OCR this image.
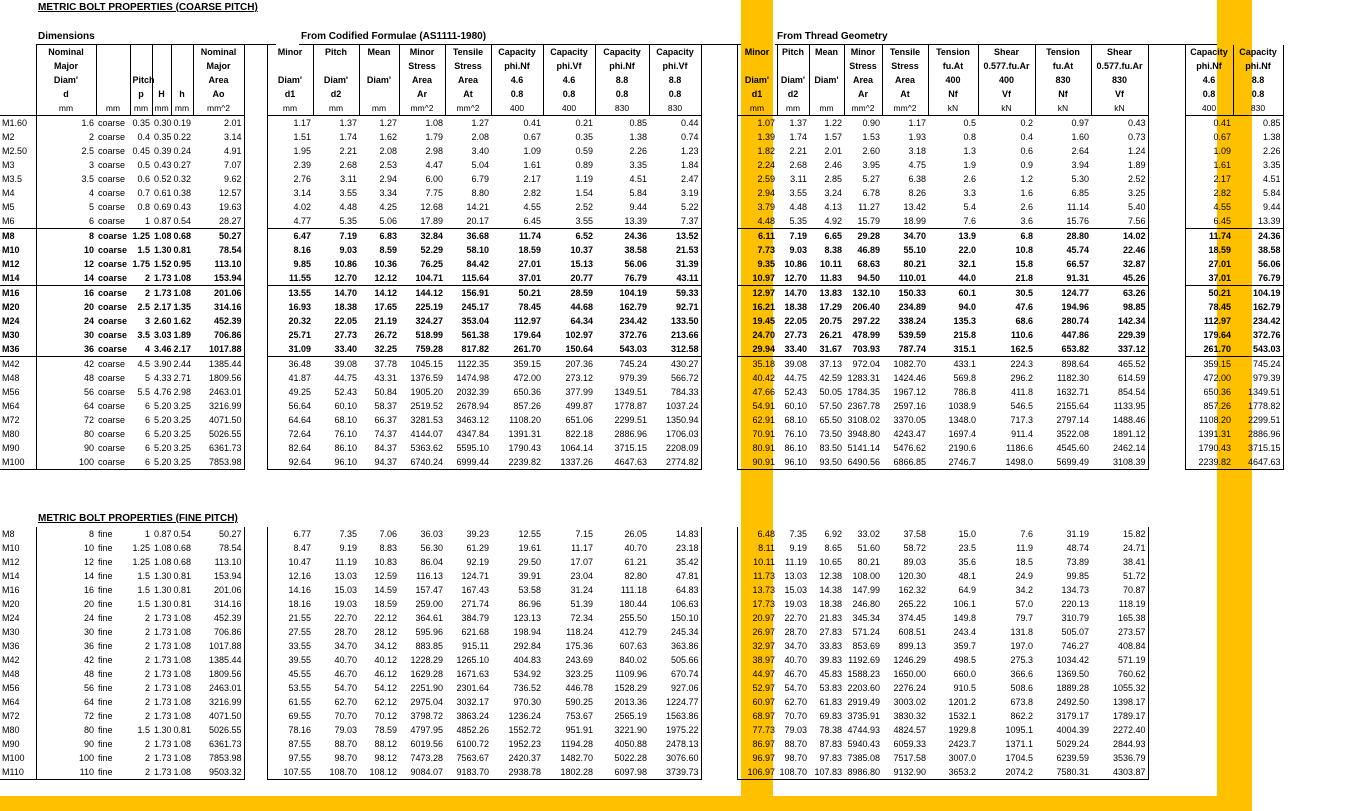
METRIC BOLT PROPERTIES (COARSE PITCH)
METRIC BOLT PROPERTIES (FINE PITCH)
Dimensions	From Codified Formulae (AS1111-1980)	From Thread Geometry
	Nominal					Nominal		Minor	Pitch	Mean	Minor	Tensile	Capacity	Capacity	Capacity	Capacity		Minor	Pitch	Mean	Minor	Tensile	Tension	Shear	Tension	Shear		Capacity	Capacity
	Major					Major					Stress	Stress	phi.Nf	phi.Vf	phi.Nf	phi.Vf					Stress	Stress	fu.At	0.577.fu.Ar	fu.At	0.577.fu.Ar		phi.Nf	phi.Nf
	Diam'		Pitch			Area		Diam'	Diam'	Diam'	Area	Area	4.6	4.6	8.8	8.8		Diam'	Diam'	Diam'	Area	Area	400	400	830	830		4.6	8.8
	d		p	H	h	Ao		d1	d2		Ar	At	0.8	0.8	0.8	0.8		d1	d2		Ar	At	Nf	Vf	Nf	Vf		0.8	0.8
	mm	mm	mm	mm	mm	mm^2		mm	mm	mm	mm^2	mm^2	400	400	830	830		mm	mm	mm	mm^2	mm^2	kN	kN	kN	kN		400	830
M1.60	1.6	coarse	0.35	0.30	0.19	2.01		1.17	1.37	1.27	1.08	1.27	0.41	0.21	0.85	0.44		1.07	1.37	1.22	0.90	1.17	0.5	0.2	0.97	0.43		0.41	0.85
M2	2	coarse	0.4	0.35	0.22	3.14		1.51	1.74	1.62	1.79	2.08	0.67	0.35	1.38	0.74		1.39	1.74	1.57	1.53	1.93	0.8	0.4	1.60	0.73		0.67	1.38
M2.50	2.5	coarse	0.45	0.39	0.24	4.91		1.95	2.21	2.08	2.98	3.40	1.09	0.59	2.26	1.23		1.82	2.21	2.01	2.60	3.18	1.3	0.6	2.64	1.24		1.09	2.26
M3	3	coarse	0.5	0.43	0.27	7.07		2.39	2.68	2.53	4.47	5.04	1.61	0.89	3.35	1.84		2.24	2.68	2.46	3.95	4.75	1.9	0.9	3.94	1.89		1.61	3.35
M3.5	3.5	coarse	0.6	0.52	0.32	9.62		2.76	3.11	2.94	6.00	6.79	2.17	1.19	4.51	2.47		2.59	3.11	2.85	5.27	6.38	2.6	1.2	5.30	2.52		2.17	4.51
M4	4	coarse	0.7	0.61	0.38	12.57		3.14	3.55	3.34	7.75	8.80	2.82	1.54	5.84	3.19		2.94	3.55	3.24	6.78	8.26	3.3	1.6	6.85	3.25		2.82	5.84
M5	5	coarse	0.8	0.69	0.43	19.63		4.02	4.48	4.25	12.68	14.21	4.55	2.52	9.44	5.22		3.79	4.48	4.13	11.27	13.42	5.4	2.6	11.14	5.40		4.55	9.44
M6	6	coarse	1	0.87	0.54	28.27		4.77	5.35	5.06	17.89	20.17	6.45	3.55	13.39	7.37		4.48	5.35	4.92	15.79	18.99	7.6	3.6	15.76	7.56		6.45	13.39
M8	8	coarse	1.25	1.08	0.68	50.27		6.47	7.19	6.83	32.84	36.68	11.74	6.52	24.36	13.52		6.11	7.19	6.65	29.28	34.70	13.9	6.8	28.80	14.02		11.74	24.36
M10	10	coarse	1.5	1.30	0.81	78.54		8.16	9.03	8.59	52.29	58.10	18.59	10.37	38.58	21.53		7.73	9.03	8.38	46.89	55.10	22.0	10.8	45.74	22.46		18.59	38.58
M12	12	coarse	1.75	1.52	0.95	113.10		9.85	10.86	10.36	76.25	84.42	27.01	15.13	56.06	31.39		9.35	10.86	10.11	68.63	80.21	32.1	15.8	66.57	32.87		27.01	56.06
M14	14	coarse	2	1.73	1.08	153.94		11.55	12.70	12.12	104.71	115.64	37.01	20.77	76.79	43.11		10.97	12.70	11.83	94.50	110.01	44.0	21.8	91.31	45.26		37.01	76.79
M16	16	coarse	2	1.73	1.08	201.06		13.55	14.70	14.12	144.12	156.91	50.21	28.59	104.19	59.33		12.97	14.70	13.83	132.10	150.33	60.1	30.5	124.77	63.26		50.21	104.19
M20	20	coarse	2.5	2.17	1.35	314.16		16.93	18.38	17.65	225.19	245.17	78.45	44.68	162.79	92.71		16.21	18.38	17.29	206.40	234.89	94.0	47.6	194.96	98.85		78.45	162.79
M24	24	coarse	3	2.60	1.62	452.39		20.32	22.05	21.19	324.27	353.04	112.97	64.34	234.42	133.50		19.45	22.05	20.75	297.22	338.24	135.3	68.6	280.74	142.34		112.97	234.42
M30	30	coarse	3.5	3.03	1.89	706.86		25.71	27.73	26.72	518.99	561.38	179.64	102.97	372.76	213.66		24.70	27.73	26.21	478.99	539.59	215.8	110.6	447.86	229.39		179.64	372.76
M36	36	coarse	4	3.46	2.17	1017.88		31.09	33.40	32.25	759.28	817.82	261.70	150.64	543.03	312.58		29.94	33.40	31.67	703.93	787.74	315.1	162.5	653.82	337.12		261.70	543.03
M42	42	coarse	4.5	3.90	2.44	1385.44		36.48	39.08	37.78	1045.15	1122.35	359.15	207.36	745.24	430.27		35.18	39.08	37.13	972.04	1082.70	433.1	224.3	898.64	465.52		359.15	745.24
M48	48	coarse	5	4.33	2.71	1809.56		41.87	44.75	43.31	1376.59	1474.98	472.00	273.12	979.39	566.72		40.42	44.75	42.59	1283.31	1424.46	569.8	296.2	1182.30	614.59		472.00	979.39
M56	56	coarse	5.5	4.76	2.98	2463.01		49.25	52.43	50.84	1905.20	2032.39	650.36	377.99	1349.51	784.33		47.66	52.43	50.05	1784.35	1967.12	786.8	411.8	1632.71	854.54		650.36	1349.51
M64	64	coarse	6	5.20	3.25	3216.99		56.64	60.10	58.37	2519.52	2678.94	857.26	499.87	1778.87	1037.24		54.91	60.10	57.50	2367.78	2597.16	1038.9	546.5	2155.64	1133.95		857.26	1778.82
M72	72	coarse	6	5.20	3.25	4071.50		64.64	68.10	66.37	3281.53	3463.12	1108.20	651.06	2299.51	1350.94		62.91	68.10	65.50	3108.02	3370.05	1348.0	717.3	2797.14	1488.46		1108.20	2299.51
M80	80	coarse	6	5.20	3.25	5026.55		72.64	76.10	74.37	4144.07	4347.84	1391.31	822.18	2886.96	1706.03		70.91	76.10	73.50	3948.80	4243.47	1697.4	911.4	3522.08	1891.12		1391.31	2886.96
M90	90	coarse	6	5.20	3.25	6361.73		82.64	86.10	84.37	5363.62	5595.10	1790.43	1064.14	3715.15	2208.09		80.91	86.10	83.50	5141.14	5476.62	2190.6	1186.6	4545.60	2462.14		1790.43	3715.15
M100	100	coarse	6	5.20	3.25	7853.98		92.64	96.10	94.37	6740.24	6999.44	2239.82	1337.26	4647.63	2774.82		90.91	96.10	93.50	6490.56	6866.85	2746.7	1498.0	5699.49	3108.39		2239.82	4647.63
M8	8	fine	1	0.87	0.54	50.27		6.77	7.35	7.06	36.03	39.23	12.55	7.15	26.05	14.83		6.48	7.35	6.92	33.02	37.58	15.0	7.6	31.19	15.82			
M10	10	fine	1.25	1.08	0.68	78.54		8.47	9.19	8.83	56.30	61.29	19.61	11.17	40.70	23.18		8.11	9.19	8.65	51.60	58.72	23.5	11.9	48.74	24.71			
M12	12	fine	1.25	1.08	0.68	113.10		10.47	11.19	10.83	86.04	92.19	29.50	17.07	61.21	35.42		10.11	11.19	10.65	80.21	89.03	35.6	18.5	73.89	38.41			
M14	14	fine	1.5	1.30	0.81	153.94		12.16	13.03	12.59	116.13	124.71	39.91	23.04	82.80	47.81		11.73	13.03	12.38	108.00	120.30	48.1	24.9	99.85	51.72			
M16	16	fine	1.5	1.30	0.81	201.06		14.16	15.03	14.59	157.47	167.43	53.58	31.24	111.18	64.83		13.73	15.03	14.38	147.99	162.32	64.9	34.2	134.73	70.87			
M20	20	fine	1.5	1.30	0.81	314.16		18.16	19.03	18.59	259.00	271.74	86.96	51.39	180.44	106.63		17.73	19.03	18.38	246.80	265.22	106.1	57.0	220.13	118.19			
M24	24	fine	2	1.73	1.08	452.39		21.55	22.70	22.12	364.61	384.79	123.13	72.34	255.50	150.10		20.97	22.70	21.83	345.34	374.45	149.8	79.7	310.79	165.38			
M30	30	fine	2	1.73	1.08	706.86		27.55	28.70	28.12	595.96	621.68	198.94	118.24	412.79	245.34		26.97	28.70	27.83	571.24	608.51	243.4	131.8	505.07	273.57			
M36	36	fine	2	1.73	1.08	1017.88		33.55	34.70	34.12	883.85	915.11	292.84	175.36	607.63	363.86		32.97	34.70	33.83	853.69	899.13	359.7	197.0	746.27	408.84			
M42	42	fine	2	1.73	1.08	1385.44		39.55	40.70	40.12	1228.29	1265.10	404.83	243.69	840.02	505.66		38.97	40.70	39.83	1192.69	1246.29	498.5	275.3	1034.42	571.19			
M48	48	fine	2	1.73	1.08	1809.56		45.55	46.70	46.12	1629.28	1671.63	534.92	323.25	1109.96	670.74		44.97	46.70	45.83	1588.23	1650.00	660.0	366.6	1369.50	760.62			
M56	56	fine	2	1.73	1.08	2463.01		53.55	54.70	54.12	2251.90	2301.64	736.52	446.78	1528.29	927.06		52.97	54.70	53.83	2203.60	2276.24	910.5	508.6	1889.28	1055.32			
M64	64	fine	2	1.73	1.08	3216.99		61.55	62.70	62.12	2975.04	3032.17	970.30	590.25	2013.36	1224.77		60.97	62.70	61.83	2919.49	3003.02	1201.2	673.8	2492.50	1398.17			
M72	72	fine	2	1.73	1.08	4071.50		69.55	70.70	70.12	3798.72	3863.24	1236.24	753.67	2565.19	1563.86		68.97	70.70	69.83	3735.91	3830.32	1532.1	862.2	3179.17	1789.17			
M80	80	fine	1.5	1.30	0.81	5026.55		78.16	79.03	78.59	4797.95	4852.26	1552.72	951.91	3221.90	1975.22		77.73	79.03	78.38	4744.93	4824.57	1929.8	1095.1	4004.39	2272.40			
M90	90	fine	2	1.73	1.08	6361.73		87.55	88.70	88.12	6019.56	6100.72	1952.23	1194.28	4050.88	2478.13		86.97	88.70	87.83	5940.43	6059.33	2423.7	1371.1	5029.24	2844.93			
M100	100	fine	2	1.73	1.08	7853.98		97.55	98.70	98.12	7473.28	7563.67	2420.37	1482.70	5022.28	3076.60		96.97	98.70	97.83	7385.08	7517.58	3007.0	1704.5	6239.59	3536.79			
M110	110	fine	2	1.73	1.08	9503.32		107.55	108.70	108.12	9084.07	9183.70	2938.78	1802.28	6097.98	3739.73		106.97	108.70	107.83	8986.80	9132.90	3653.2	2074.2	7580.31	4303.87			
